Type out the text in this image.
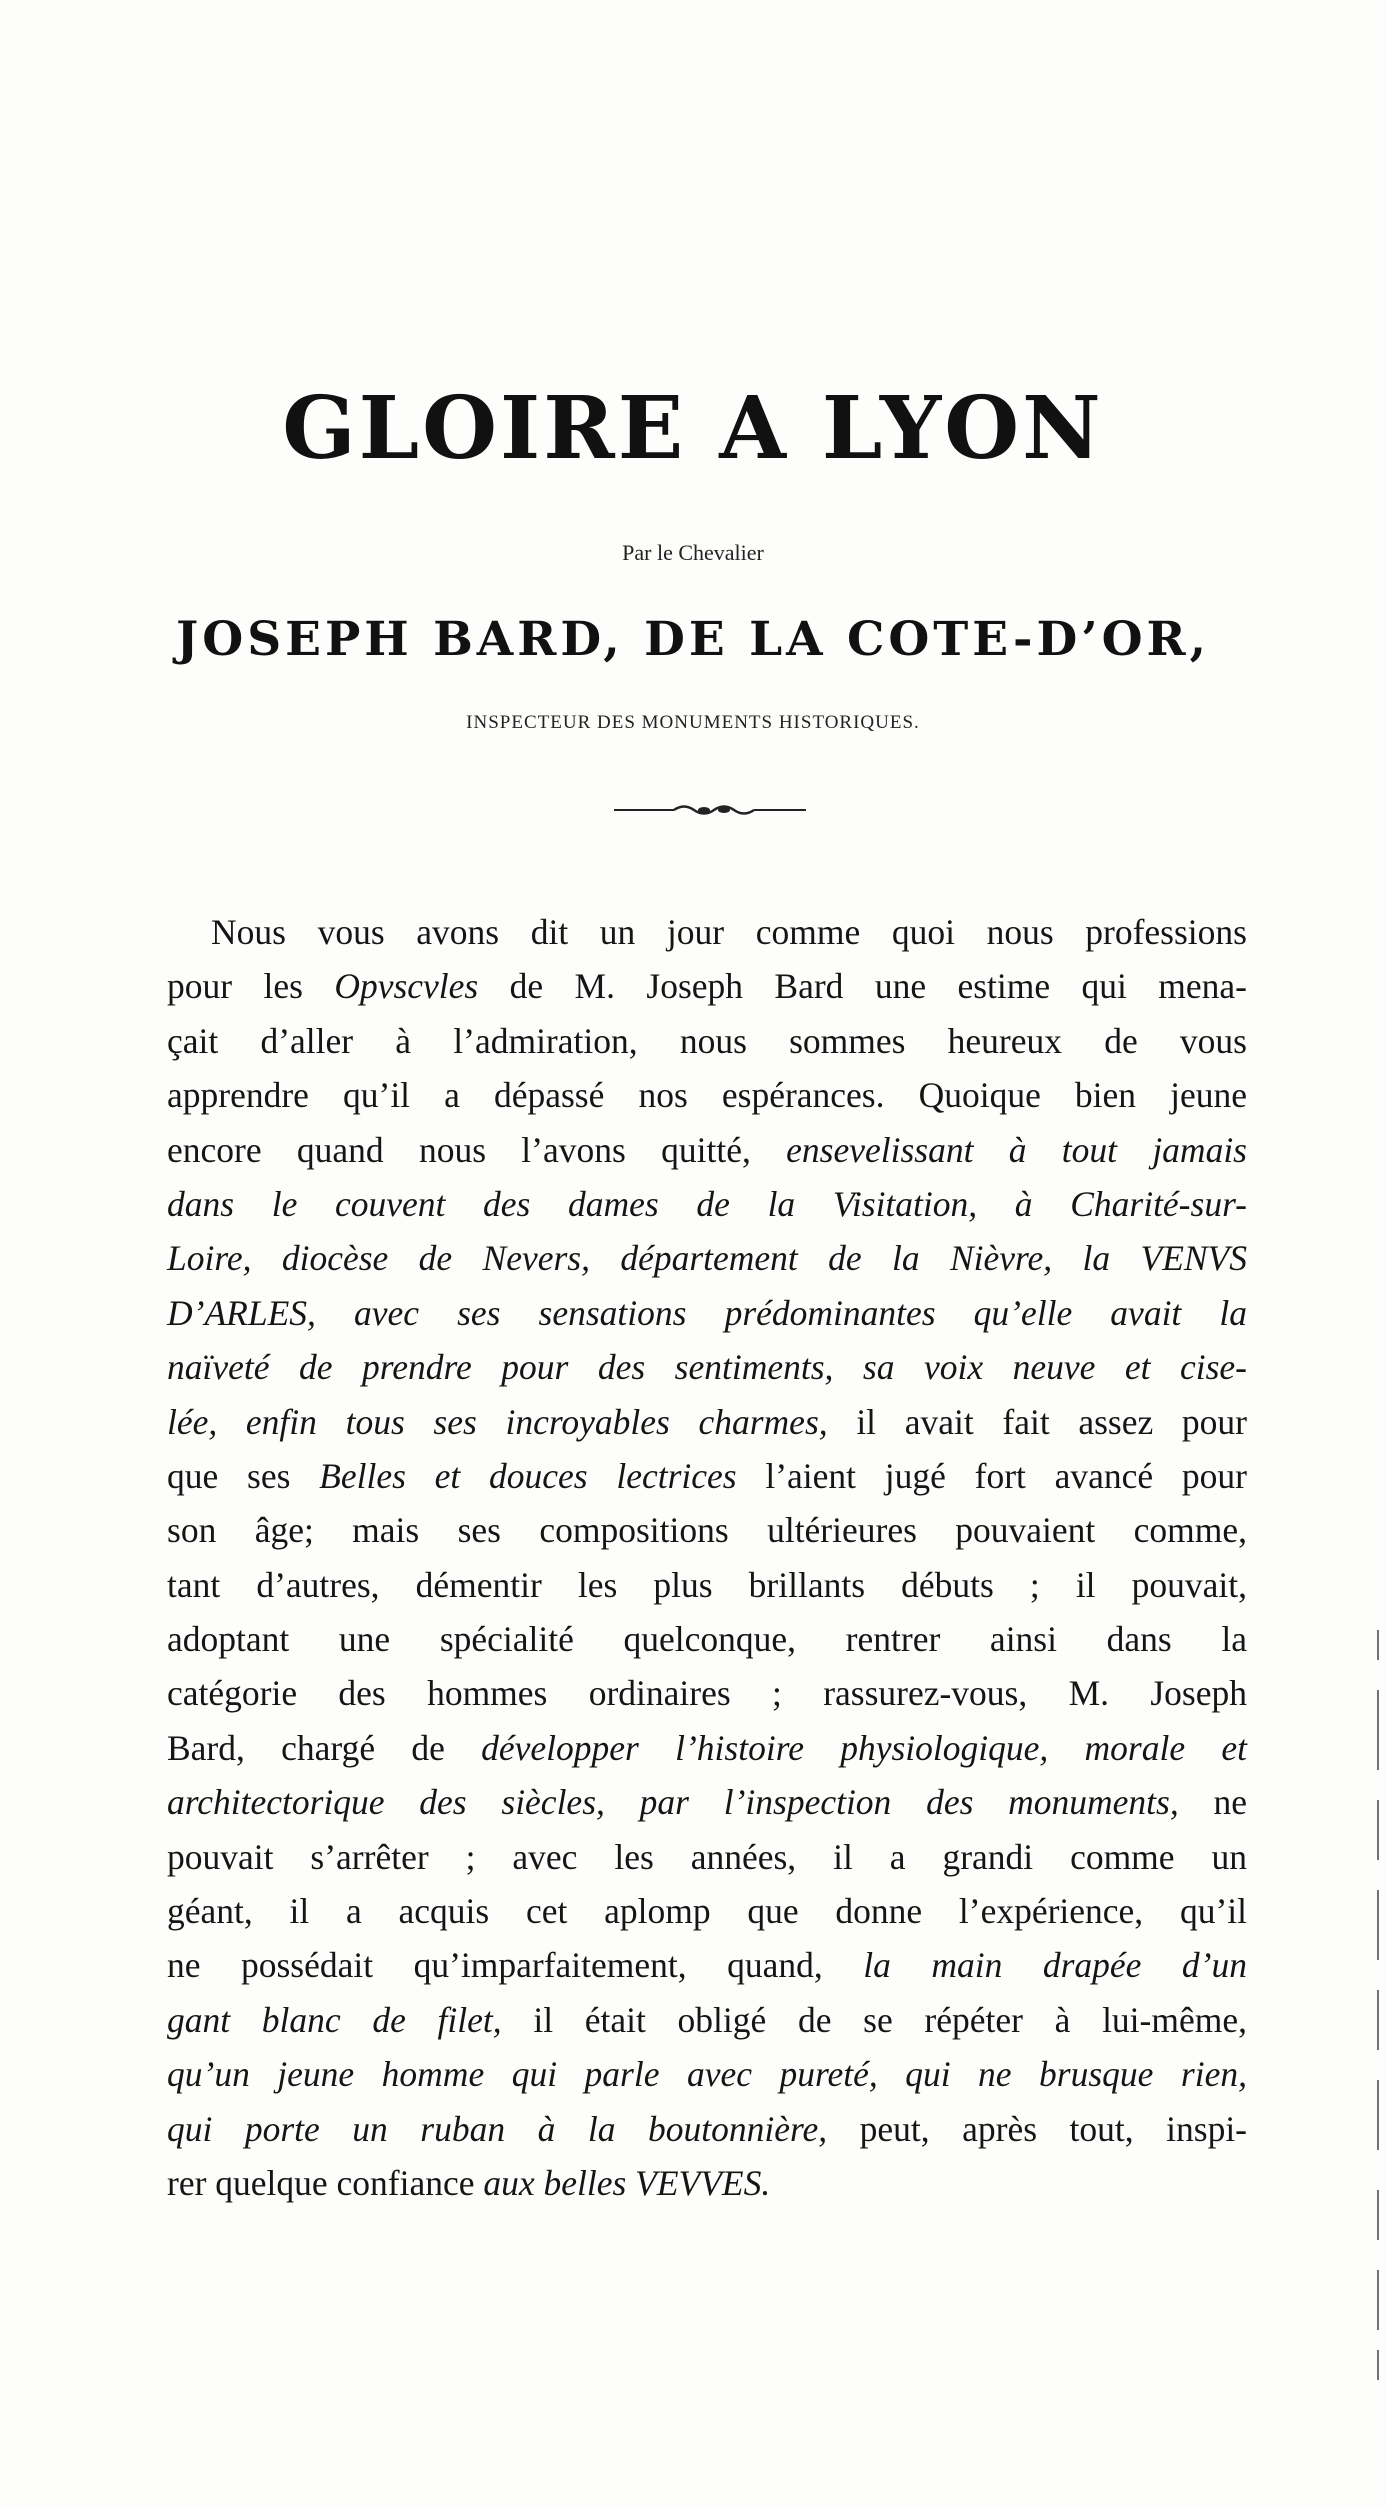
GLOIRE A LYON
Par le Chevalier
JOSEPH BARD, DE LA COTE-D’OR,
INSPECTEUR DES MONUMENTS HISTORIQUES.
Nous vous avons dit un jour comme quoi nous professions
pour les Opvscvles de M. Joseph Bard une estime qui mena-
çait d’aller à l’admiration, nous sommes heureux de vous
apprendre qu’il a dépassé nos espérances. Quoique bien jeune
encore quand nous l’avons quitté, ensevelissant à tout jamais
dans le couvent des dames de la Visitation, à Charité-sur-
Loire, diocèse de Nevers, département de la Nièvre, la VENVS
D’ARLES, avec ses sensations prédominantes qu’elle avait la
naïveté de prendre pour des sentiments, sa voix neuve et cise-
lée, enfin tous ses incroyables charmes, il avait fait assez pour
que ses Belles et douces lectrices l’aient jugé fort avancé pour
son âge; mais ses compositions ultérieures pouvaient comme,
tant d’autres, démentir les plus brillants débuts ; il pouvait,
adoptant une spécialité quelconque, rentrer ainsi dans la
catégorie des hommes ordinaires ; rassurez-vous, M. Joseph
Bard, chargé de développer l’histoire physiologique, morale et
architectorique des siècles, par l’inspection des monuments, ne
pouvait s’arrêter ; avec les années, il a grandi comme un
géant, il a acquis cet aplomp que donne l’expérience, qu’il
ne possédait qu’imparfaitement, quand, la main drapée d’un
gant blanc de filet, il était obligé de se répéter à lui-même,
qu’un jeune homme qui parle avec pureté, qui ne brusque rien,
qui porte un ruban à la boutonnière, peut, après tout, inspi-
rer quelque confiance aux belles VEVVES.
